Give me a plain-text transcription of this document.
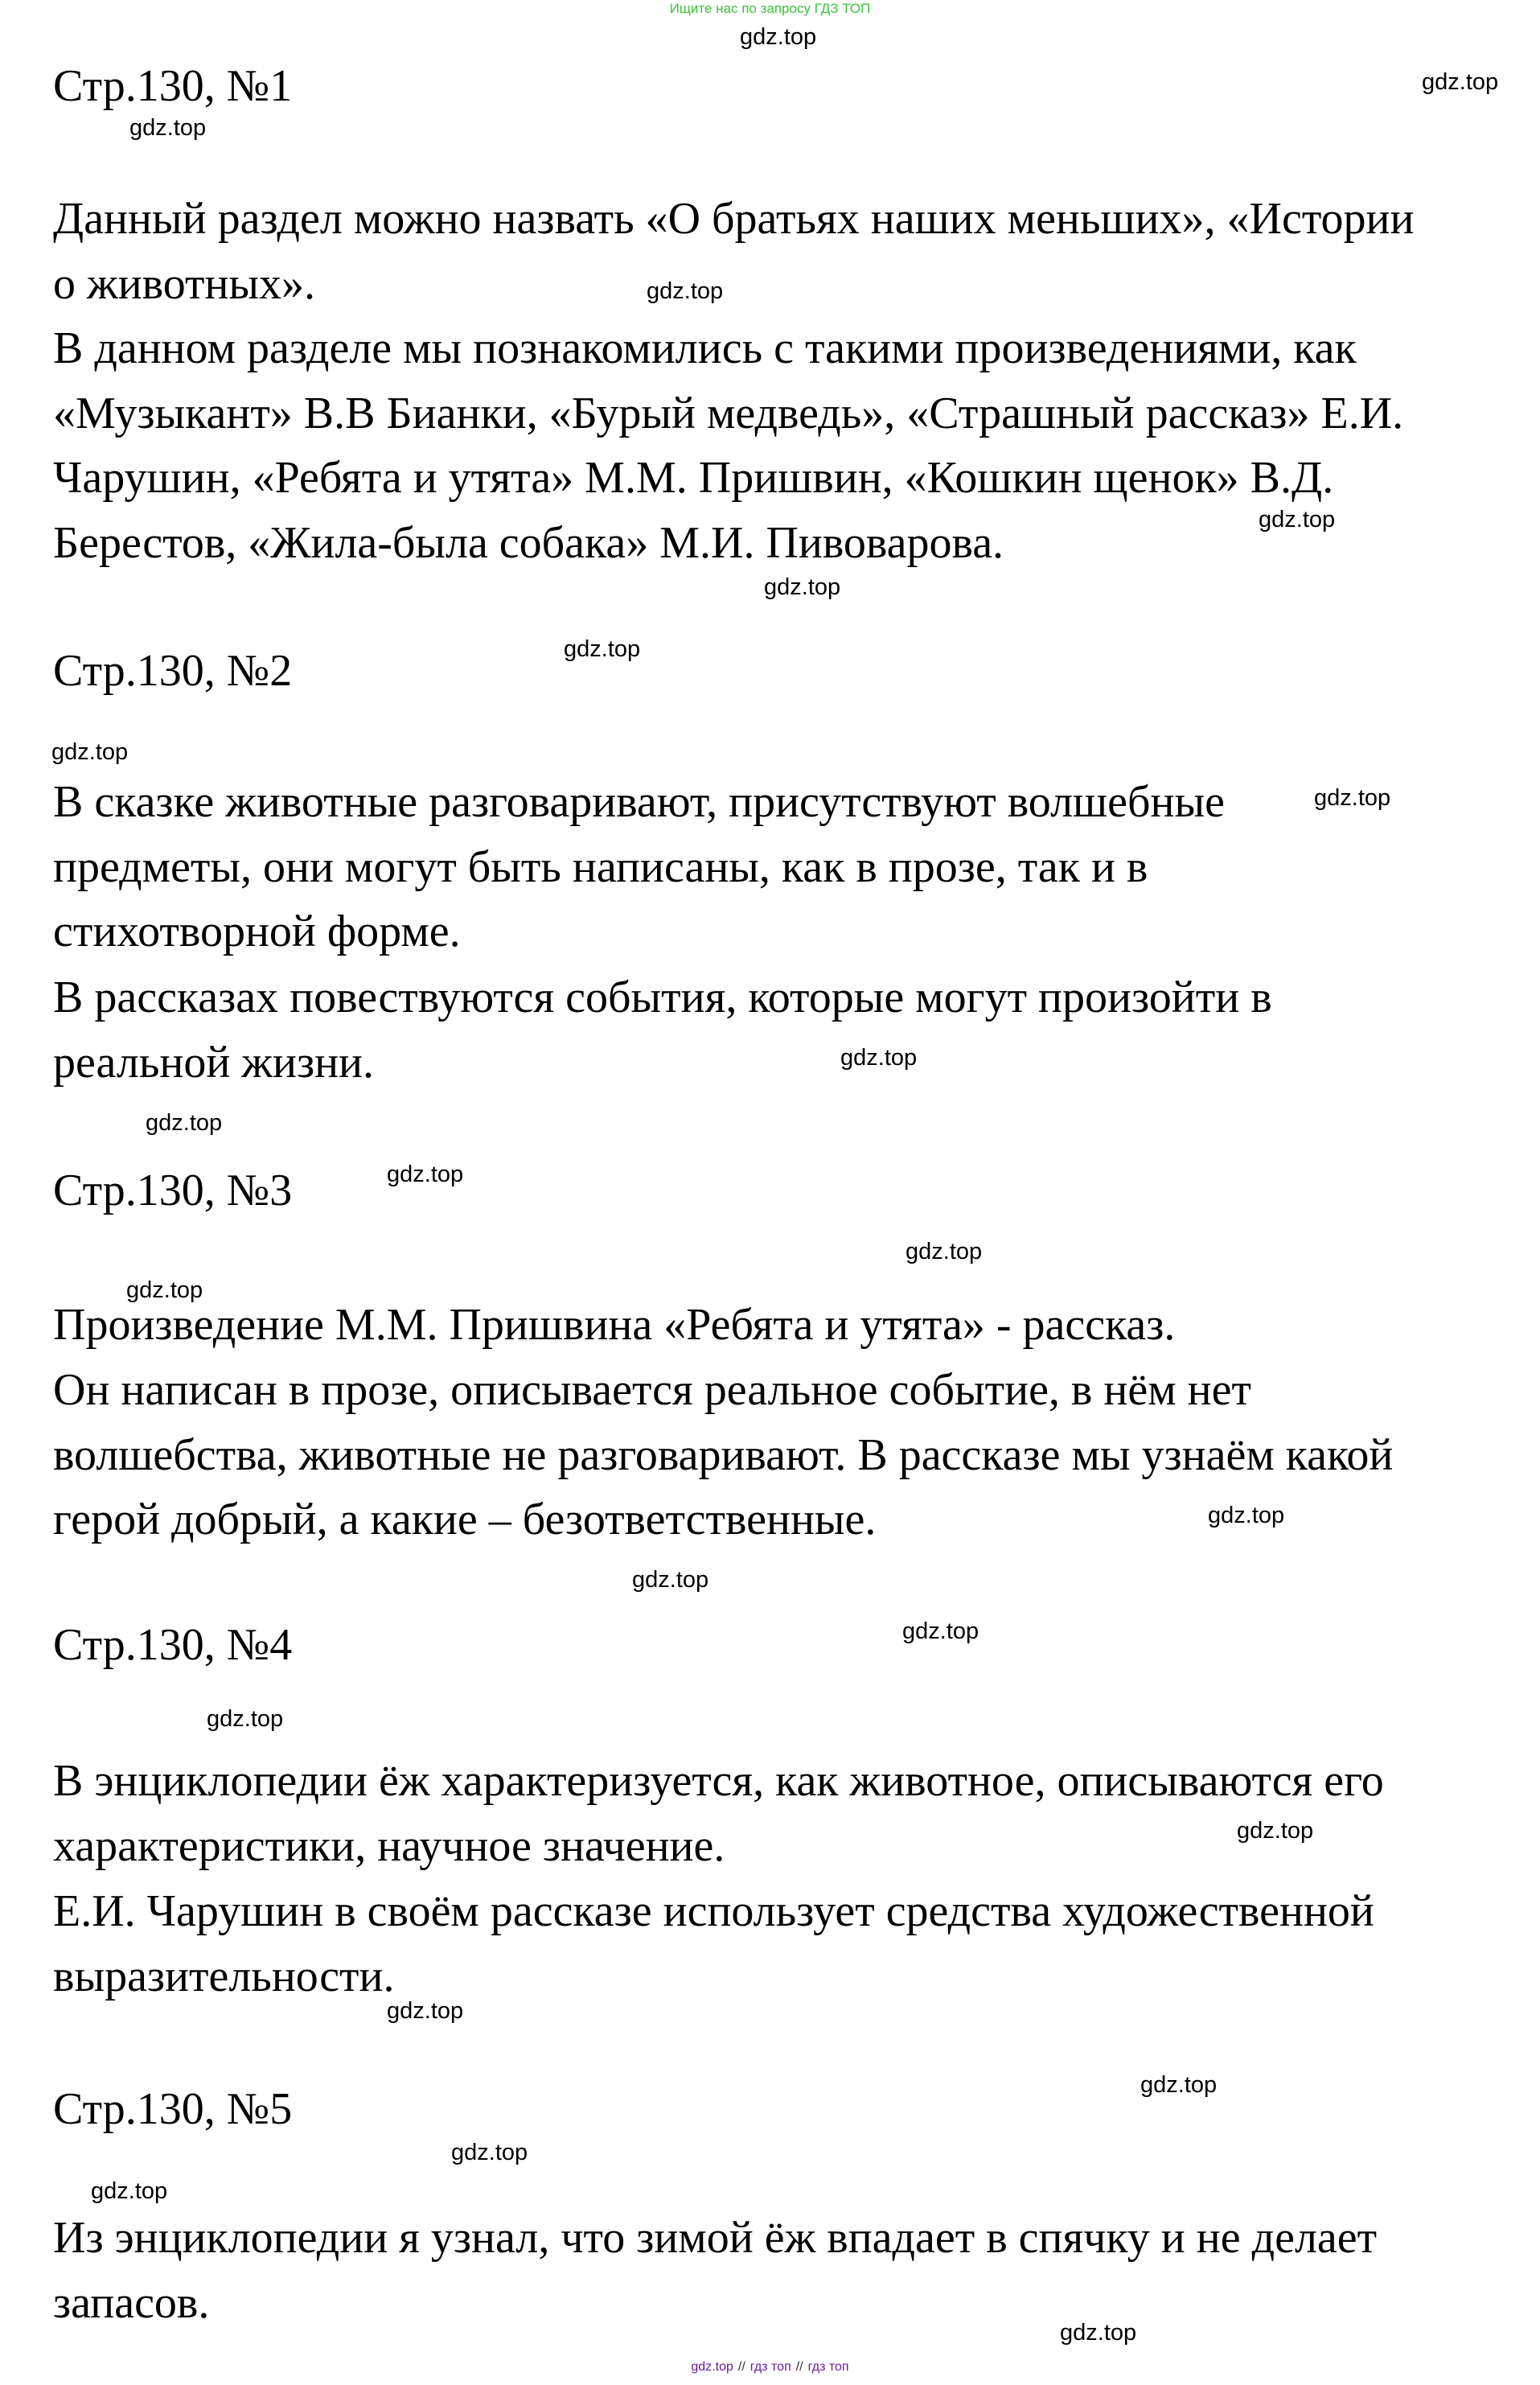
Ищите нас по запросу ГДЗ ТОП
Стр.130, №1

Данный раздел можно назвать «О братьях наших меньших», «Истории
о животных».

В данном разделе мы познакомились с такими произведениями, как
«Музыкант» В.В Бианки, «Бурый медведь», «Страшный рассказ» Е.И.
Чарушин, «Ребята и утята» М.М. Пришвин, «Кошкин щенок» В.Д.
Берестов, «Жила-была собака» М.И. Пивоварова.

Стр.130, №2

В сказке животные разговаривают, присутствуют волшебные
предметы, они могут быть написаны, как в прозе, так и в
стихотворной форме.

В рассказах повествуются события, которые могут произойти в
реальной жизни.

Стр.130, №3

Произведение М.М. Пришвина «Ребята и утята» - рассказ.

Он написан в прозе, описывается реальное событие, в нём нет
волшебства, животные не разговаривают. В рассказе мы узнаём какой
герой добрый, а какие – безответственные.

Стр.130, №4

В энциклопедии ёж характеризуется, как животное, описываются его
характеристики, научное значение.

Е.И. Чарушин в своём рассказе использует средства художественной
выразительности.

Стр.130, №5

Из энциклопедии я узнал, что зимой ёж впадает в спячку и не делает
запасов.

gdz.top
gdz.top
gdz.top
gdz.top
gdz.top
gdz.top
gdz.top
gdz.top
gdz.top
gdz.top
gdz.top
gdz.top
gdz.top
gdz.top
gdz.top
gdz.top
gdz.top
gdz.top
gdz.top
gdz.top
gdz.top
gdz.top
gdz.top
gdz.top
gdz.top // гдз топ // гдз топ
